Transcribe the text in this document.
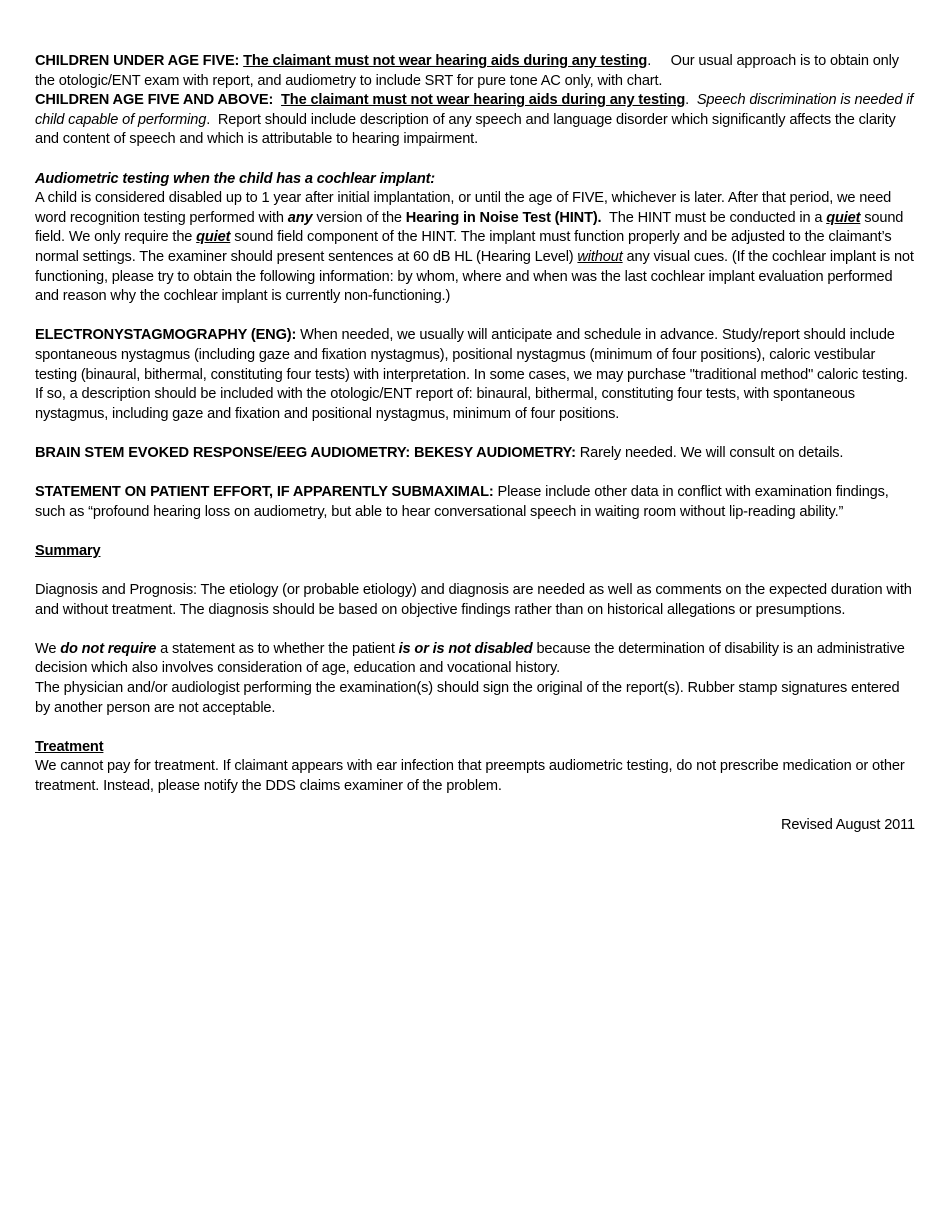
CHILDREN UNDER AGE FIVE: The claimant must not wear hearing aids during any testing. Our usual approach is to obtain only the otologic/ENT exam with report, and audiometry to include SRT for pure tone AC only, with chart.

CHILDREN AGE FIVE AND ABOVE: The claimant must not wear hearing aids during any testing. Speech discrimination is needed if child capable of performing. Report should include description of any speech and language disorder which significantly affects the clarity and content of speech and which is attributable to hearing impairment.

Audiometric testing when the child has a cochlear implant:

A child is considered disabled up to 1 year after initial implantation, or until the age of FIVE, whichever is later. After that period, we need word recognition testing performed with any version of the Hearing in Noise Test (HINT). The HINT must be conducted in a quiet sound field. We only require the quiet sound field component of the HINT. The implant must function properly and be adjusted to the claimant’s normal settings. The examiner should present sentences at 60 dB HL (Hearing Level) without any visual cues. (If the cochlear implant is not functioning, please try to obtain the following information: by whom, where and when was the last cochlear implant evaluation performed and reason why the cochlear implant is currently non-functioning.)

ELECTRONYSTAGMOGRAPHY (ENG): When needed, we usually will anticipate and schedule in advance. Study/report should include spontaneous nystagmus (including gaze and fixation nystagmus), positional nystagmus (minimum of four positions), caloric vestibular testing (binaural, bithermal, constituting four tests) with interpretation. In some cases, we may purchase "traditional method" caloric testing. If so, a description should be included with the otologic/ENT report of: binaural, bithermal, constituting four tests, with spontaneous nystagmus, including gaze and fixation and positional nystagmus, minimum of four positions.

BRAIN STEM EVOKED RESPONSE/EEG AUDIOMETRY: BEKESY AUDIOMETRY: Rarely needed. We will consult on details.

STATEMENT ON PATIENT EFFORT, IF APPARENTLY SUBMAXIMAL: Please include other data in conflict with examination findings, such as “profound hearing loss on audiometry, but able to hear conversational speech in waiting room without lip-reading ability.”

Summary

Diagnosis and Prognosis: The etiology (or probable etiology) and diagnosis are needed as well as comments on the expected duration with and without treatment. The diagnosis should be based on objective findings rather than on historical allegations or presumptions.

We do not require a statement as to whether the patient is or is not disabled because the determination of disability is an administrative decision which also involves consideration of age, education and vocational history.

The physician and/or audiologist performing the examination(s) should sign the original of the report(s). Rubber stamp signatures entered by another person are not acceptable.

Treatment

We cannot pay for treatment. If claimant appears with ear infection that preempts audiometric testing, do not prescribe medication or other treatment. Instead, please notify the DDS claims examiner of the problem.

Revised August 2011
